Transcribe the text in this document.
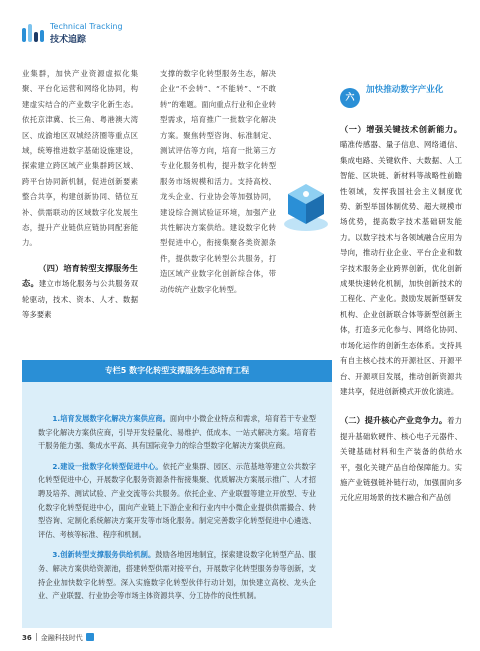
Technical Tracking
技术追踪

业集群，加快产业资源虚拟化集聚、平台化运营和网络化协同，构建虚实结合的产业数字化新生态。依托京津冀、长三角、粤港澳大湾区、成渝地区双城经济圈等重点区域，统筹推进数字基础设施建设，探索建立跨区域产业集群跨区域、跨平台协同新机制，促进创新要素整合共享，构建创新协同、错位互补、供需联动的区域数字化发展生态，提升产业链供应链协同配套能力。

（四）培育转型支撑服务生态。建立市场化服务与公共服务双轮驱动，技术、资本、人才、数据等多要素

支撑的数字化转型服务生态，解决企业“不会转”、“不能转”、“不敢转”的难题。面向重点行业和企业转型需求，培育推广一批数字化解决方案。聚焦转型咨询、标准制定、测试评估等方向，培育一批第三方专业化服务机构，提升数字化转型服务市场规模和活力。支持高校、龙头企业、行业协会等加强协同，建设综合测试验证环境，加强产业共性解决方案供给。建设数字化转型促进中心，衔接集聚各类资源条件，提供数字化转型公共服务，打造区域产业数字化创新综合体，带动传统产业数字化转型。

六
加快推动数字产业化
（一）增强关键技术创新能力。瞄准传感器、量子信息、网络通信、集成电路、关键软件、大数据、人工智能、区块链、新材料等战略性前瞻性领域，发挥我国社会主义制度优势、新型举国体制优势、超大规模市场优势，提高数字技术基础研发能力。以数字技术与各领域融合应用为导向，推动行业企业、平台企业和数字技术服务企业跨界创新，优化创新成果快速转化机制，加快创新技术的工程化、产业化。鼓励发展新型研发机构、企业创新联合体等新型创新主体，打造多元化参与、网络化协同、市场化运作的创新生态体系。支持具有自主核心技术的开源社区、开源平台、开源项目发展，推动创新资源共建共享，促进创新模式开放化演进。
（二）提升核心产业竞争力。着力提升基础软硬件、核心电子元器件、关键基础材料和生产装备的供给水平，强化关键产品自给保障能力。实施产业链强链补链行动，加强面向多元化应用场景的技术融合和产品创
专栏5 数字化转型支撑服务生态培育工程

1.培育发展数字化解决方案供应商。面向中小微企业特点和需求，培育若干专业型数字化解决方案供应商，引导开发轻量化、易维护、低成本、一站式解决方案。培育若干服务能力强、集成水平高、具有国际竞争力的综合型数字化解决方案供应商。

2.建设一批数字化转型促进中心。依托产业集群、园区、示范基地等建立公共数字化转型促进中心，开展数字化服务资源条件衔接集聚、优质解决方案展示推广、人才招聘及培养、测试试验、产业交流等公共服务。依托企业、产业联盟等建立开放型、专业化数字化转型促进中心，面向产业链上下游企业和行业内中小微企业提供供需撮合、转型咨询、定制化系统解决方案开发等市场化服务。制定完善数字化转型促进中心遴选、评估、考核等标准、程序和机制。

3.创新转型支撑服务供给机制。鼓励各地因地制宜，探索建设数字化转型产品、服务、解决方案供给资源池，搭建转型供需对接平台，开展数字化转型服务券等创新，支持企业加快数字化转型。深入实施数字化转型伙伴行动计划，加快建立高校、龙头企业、产业联盟、行业协会等市场主体资源共享、分工协作的良性机制。

36 金融科技时代
